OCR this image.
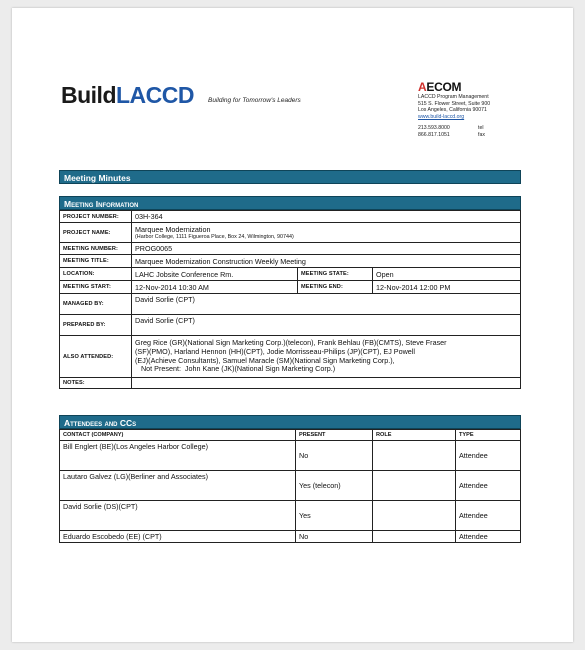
BuildLACCD Building for Tomorrow's Leaders
AECOM
LACCD Program Management
515 S. Flower Street, Suite 900
Los Angeles, California 90071
www.build-laccd.org
213.593.8000	tel
866.817.1051	fax
Meeting Minutes
Meeting Information
PROJECT NUMBER:	03H-364		
PROJECT NAME:	Marquee Modernization
(Harbor College, 1111 Figueroa Place, Box 24, Wilmington, 90744)		

MEETING NUMBER:	PROG0065		
MEETING TITLE:	Marquee Modernization Construction Weekly Meeting		
LOCATION:	LAHC Jobsite Conference Rm.	MEETING STATE:	Open
MEETING START:	12-Nov-2014 10:30 AM	MEETING END:	12-Nov-2014 12:00 PM
MANAGED BY:	David Sorlie (CPT)		
PREPARED BY:	David Sorlie (CPT)		
ALSO ATTENDED:	Greg Rice (GR)(National Sign Marketing Corp.)(telecon), Frank Behlau (FB)(CMTS), Steve Fraser
(SF)(PMO), Harland Hennon (HH)(CPT), Jodie Morrisseau-Philips (JP)(CPT), EJ Powell
(EJ)(Achieve Consultants), Samuel Maracle (SM)(National Sign Marketing Corp.),
Not Present:  John Kane (JK)(National Sign Marketing Corp.)		

NOTES:			
Attendees and CCs
CONTACT (COMPANY)	PRESENT	ROLE	TYPE
Bill Englert (BE)(Los Angeles Harbor College)	No		Attendee
Lautaro Galvez (LG)(Berliner and Associates)	Yes (telecon)		Attendee
David Sorlie (DS)(CPT)	Yes		Attendee
Eduardo Escobedo (EE) (CPT)	No		Attendee
